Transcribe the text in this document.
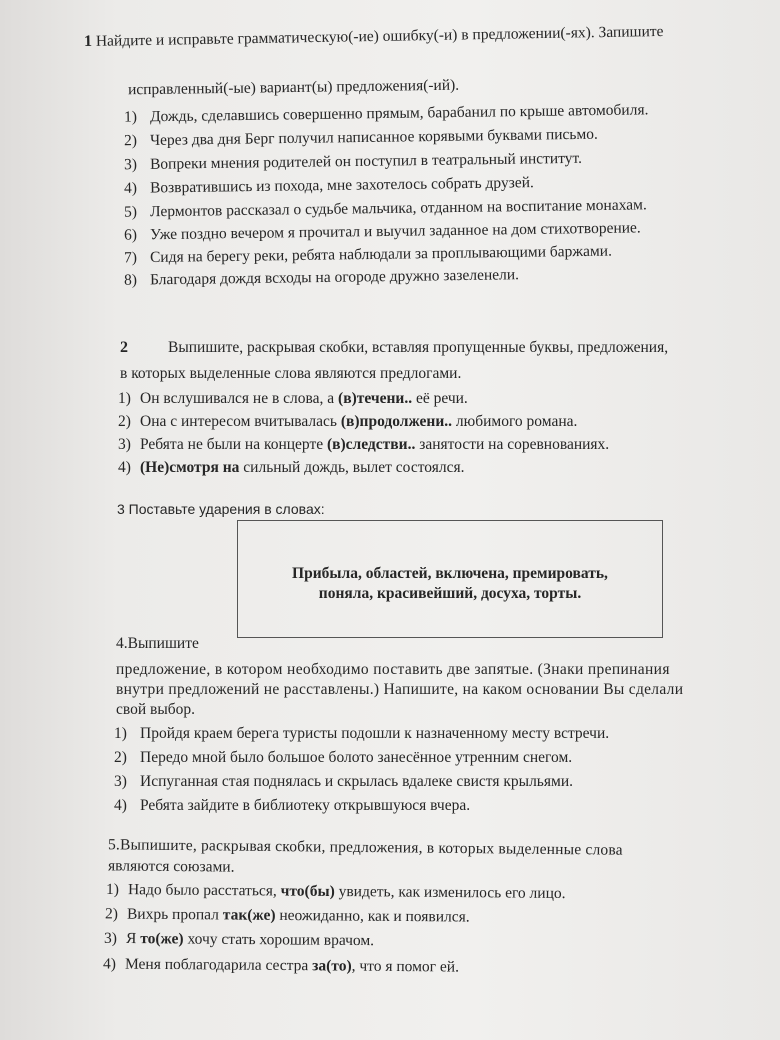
1 Найдите и исправьте грамматическую(-ие) ошибку(-и) в предложении(-ях). Запишите
исправленный(-ые) вариант(ы) предложения(-ий).
1) Дождь, сделавшись совершенно прямым, барабанил по крыше автомобиля.
2) Через два дня Берг получил написанное корявыми буквами письмо.
3) Вопреки мнения родителей он поступил в театральный институт.
4) Возвратившись из похода, мне захотелось собрать друзей.
5) Лермонтов рассказал о судьбе мальчика, отданном на воспитание монахам.
6) Уже поздно вечером я прочитал и выучил заданное на дом стихотворение.
7) Сидя на берегу реки, ребята наблюдали за проплывающими баржами.
8) Благодаря дождя всходы на огороде дружно зазеленели.
2	Выпишите, раскрывая скобки, вставляя пропущенные буквы, предложения,
в которых выделенные слова являются предлогами.
1) Он вслушивался не в слова, а (в)течени.. её речи.
2) Она с интересом вчитывалась (в)продолжени.. любимого романа.
3) Ребята не были на концерте (в)следстви.. занятости на соревнованиях.
4) (Не)смотря на сильный дождь, вылет состоялся.
3 Поставьте ударения в словах:
Прибыла, областей, включена, премировать,
поняла, красивейший, досуха, торты.
4.Выпишите
предложение, в котором необходимо поставить две запятые. (Знаки препинания
внутри предложений не расставлены.) Напишите, на каком основании Вы сделали
свой выбор.
1) Пройдя краем берега туристы подошли к назначенному месту встречи.
2) Передо мной было большое болото занесённое утренним снегом.
3) Испуганная стая поднялась и скрылась вдалеке свистя крыльями.
4) Ребята зайдите в библиотеку открывшуюся вчера.
5.Выпишите, раскрывая скобки, предложения, в которых выделенные слова
являются союзами.
1) Надо было расстаться, что(бы) увидеть, как изменилось его лицо.
2) Вихрь пропал так(же) неожиданно, как и появился.
3) Я то(же) хочу стать хорошим врачом.
4) Меня поблагодарила сестра за(то), что я помог ей.
